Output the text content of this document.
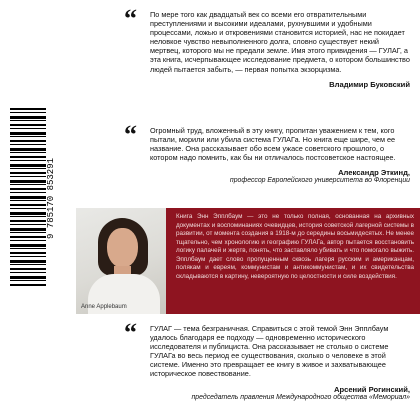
9 785170 853291
“ По мере того как двадцатый век со всеми его отвратительными преступлениями и высокими идеалами, рухнувшими и удобными процессами, ложью и откровениями становится историей, нас не покидает неловкое чувство невыполненного долга, словно существует некий мертвец, которого мы не предали земле. Имя этого привидения — ГУЛАГ, а эта книга, исчерпывающее исследование предмета, о котором большинство людей пытается забыть, — первая попытка экзорцизма.
Владимир Буковский
“ Огромный труд, вложенный в эту книгу, пропитан уважением к тем, кого пытали, морили или убила система ГУЛАГа. Но книга еще шире, чем ее название. Она рассказывает обо всем ужасе советского прошлого, о котором надо помнить, как бы ни отличалось постсоветское настоящее.
Александр Эткинд,
профессор Европейского университета во Флоренции
Anne Applebaum
Книга Энн Эпплбаум — это не только полная, основанная на архивных документах и воспоминаниях очевидцев, история советской лагерной системы в развитии, от момента создания в 1918-м до середины восьмидесятых. Не менее тщательно, чем хронологию и географию ГУЛАГа, автор пытается восстановить логику палачей и жертв, понять, что заставляло убивать и что помогало выжить. Эпплбаум дает слово пропущенным сквозь лагеря русским и американцам, полякам и евреям, коммунистам и антикоммунистам, и их свидетельства складываются в картину, невероятную по целостности и силе воздействия.
“ ГУЛАГ — тема безграничная. Справиться с этой темой Энн Эпплбаум удалось благодаря ее подходу — одновременно исторического исследователя и публициста. Она рассказывает не столько о системе ГУЛАГа во весь период ее существования, сколько о человеке в этой системе. Именно это превращает ее книгу в живое и захватывающее историческое повествование.
Арсений Рогинский,
председатель правления Международного общества «Мемориал»
